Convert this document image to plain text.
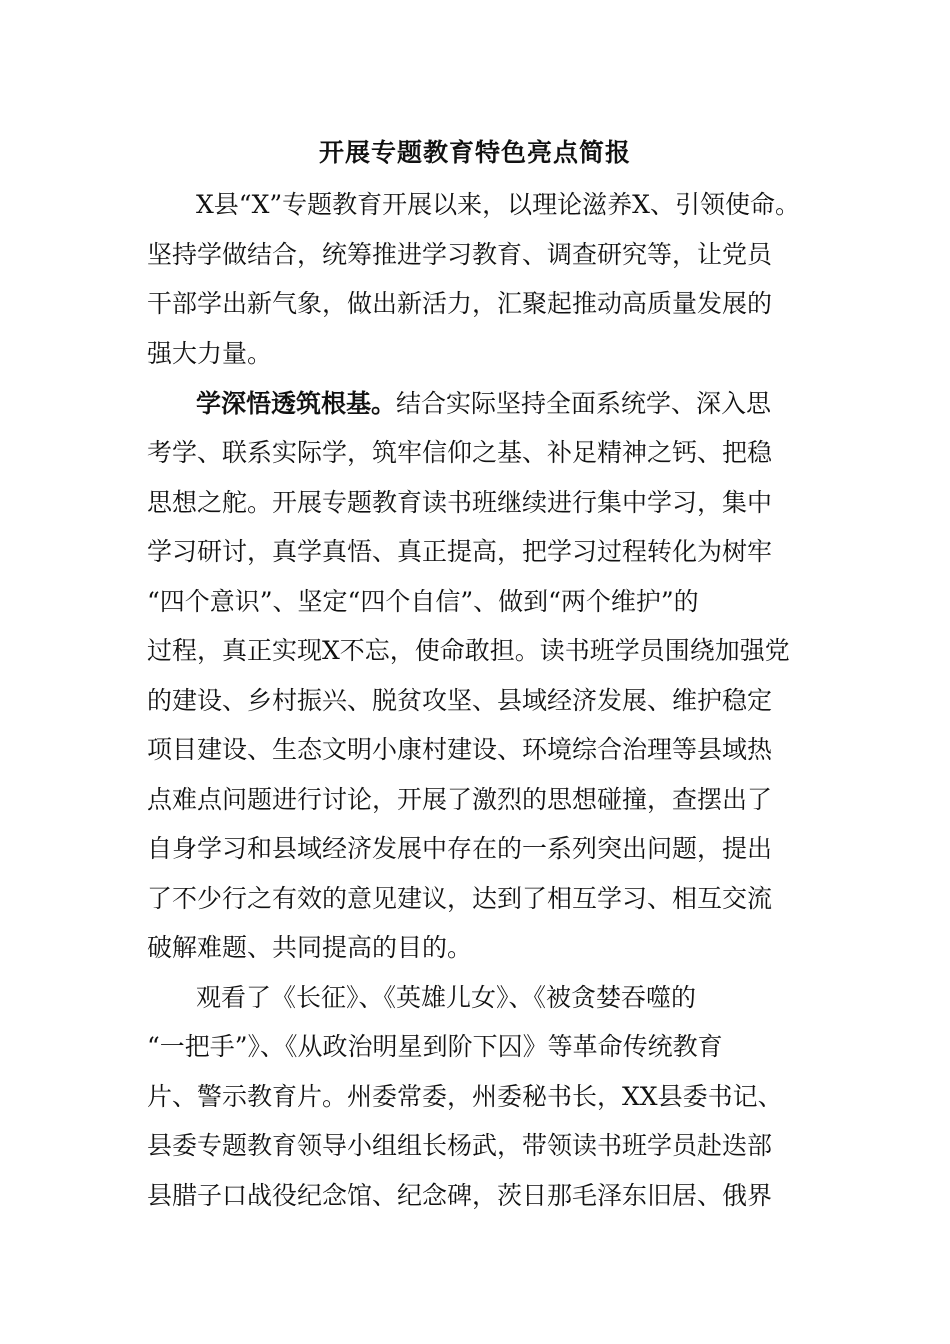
开展专题教育特色亮点简报
X县“X”专题教育开展以来，以理论滋养X、引领使命。
坚持学做结合，统筹推进学习教育、调查研究等，让党员
干部学出新气象，做出新活力，汇聚起推动高质量发展的
强大力量。
学深悟透筑根基。结合实际坚持全面系统学、深入思
考学、联系实际学，筑牢信仰之基、补足精神之钙、把稳
思想之舵。开展专题教育读书班继续进行集中学习，集中
学习研讨，真学真悟、真正提高，把学习过程转化为树牢
“四个意识”、坚定“四个自信”、做到“两个维护”的
过程，真正实现X不忘，使命敢担。读书班学员围绕加强党
的建设、乡村振兴、脱贫攻坚、县域经济发展、维护稳定
项目建设、生态文明小康村建设、环境综合治理等县域热
点难点问题进行讨论，开展了激烈的思想碰撞，查摆出了
自身学习和县域经济发展中存在的一系列突出问题，提出
了不少行之有效的意见建议，达到了相互学习、相互交流
破解难题、共同提高的目的。
观看了《长征》、《英雄儿女》、《被贪婪吞噬的
“一把手”》、《从政治明星到阶下囚》等革命传统教育
片、警示教育片。州委常委，州委秘书长，XX县委书记、
县委专题教育领导小组组长杨武，带领读书班学员赴迭部
县腊子口战役纪念馆、纪念碑，茨日那毛泽东旧居、俄界
